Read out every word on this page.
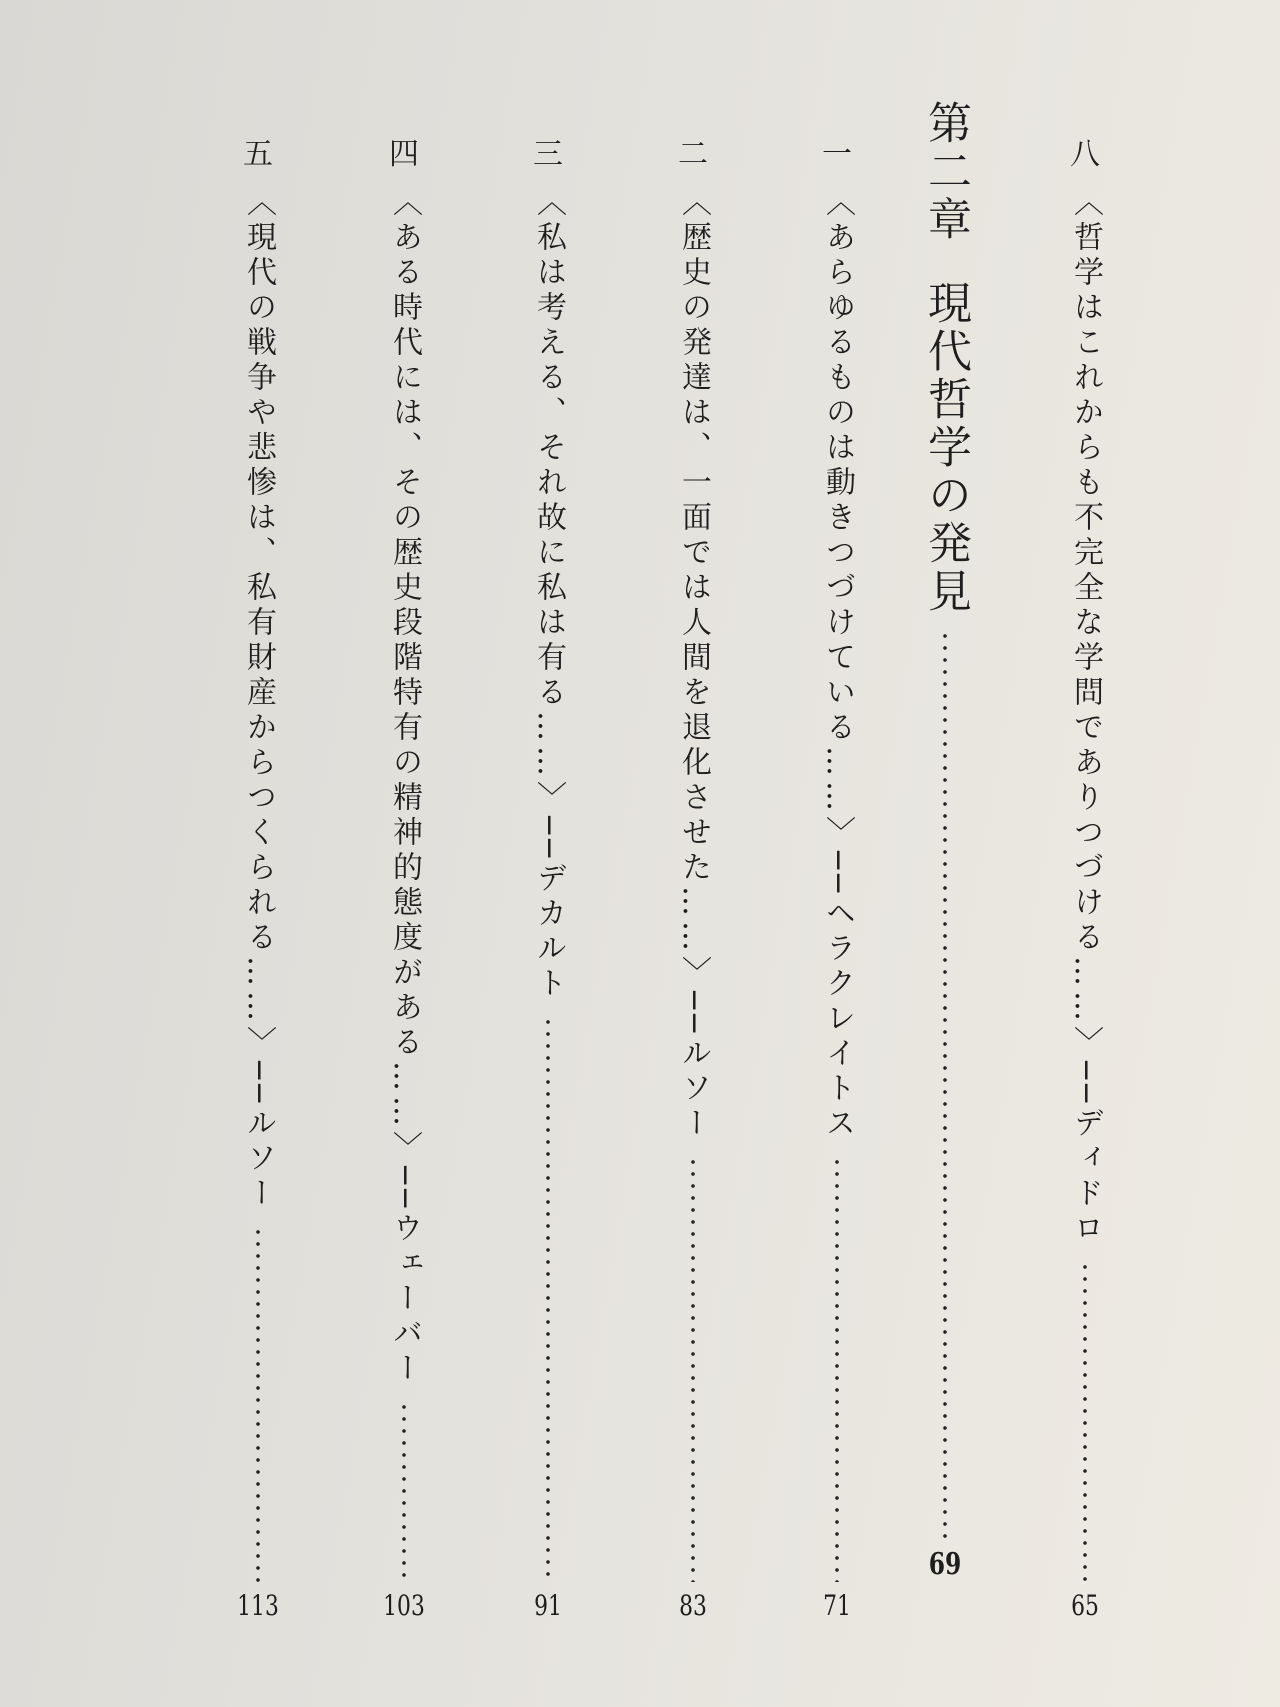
八
〈哲学はこれからも不完全な学問でありつづける……〉──ディドロ
65
第二章
現代哲学の発見
69
一
〈あらゆるものは動きつづけている……〉──ヘラクレイトス
71
二
〈歴史の発達は、一面では人間を退化させた……〉──ルソー
83
三
〈私は考える、それ故に私は有る……〉──デカルト
91
四
〈ある時代には、その歴史段階特有の精神的態度がある……〉──ウェーバー
103
五
〈現代の戦争や悲惨は、私有財産からつくられる……〉──ルソー
113
